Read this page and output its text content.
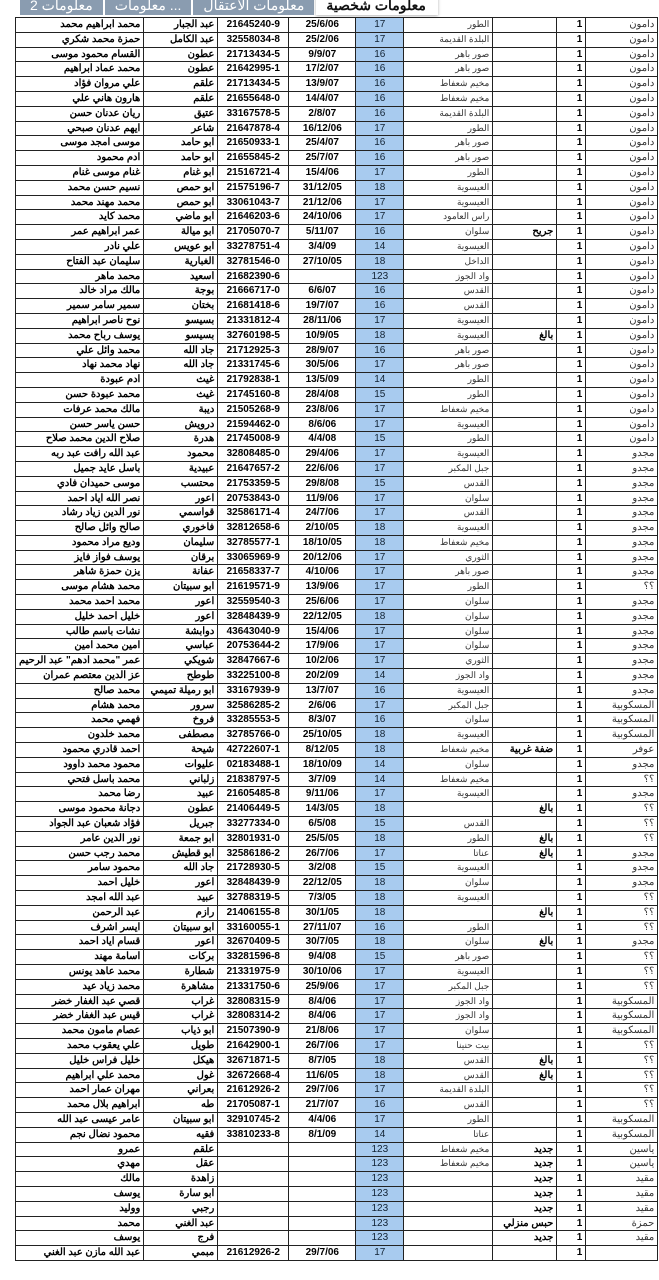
معلومات شخصية
معلومات الاعتقال
... معلومات
معلومات 2
محمد ابراهيم محمد	عبد الجبار	21645240-9	25/6/06	17	الطور		1	دامون
حمزة محمد شكري	عبد الكامل	32558034-8	25/2/06	17	البلدة القديمة		1	دامون
القسام محمود موسى	عطون	21713434-5	9/9/07	16	صور باهر		1	دامون
محمد عماد ابراهيم	عطون	21642995-1	17/2/07	16	صور باهر		1	دامون
علي مروان فؤاد	علقم	21713434-5	13/9/07	16	مخيم شعفاط		1	دامون
هارون هاني علي	علقم	21655648-0	14/4/07	16	مخيم شعفاط		1	دامون
ريان عدنان حسن	عتيق	33167578-5	2/8/07	16	البلدة القديمة		1	دامون
ايهم عدنان صبحي	شاعر	21647878-4	16/12/06	17	الطور		1	دامون
موسى امجد موسى	ابو حامد	21650933-1	25/4/07	16	صور باهر		1	دامون
ادم محمود	ابو حامد	21655845-2	25/7/07	16	صور باهر		1	دامون
غنام موسى غنام	ابو غنام	21516721-4	15/4/06	17	الطور		1	دامون
نسيم حسن محمد	ابو حمص	21575196-7	31/12/05	18	العيسوية		1	دامون
محمد مهند محمد	ابو حمص	33061043-7	21/12/06	17	العيسوية		1	دامون
محمد كايد	ابو ماضي	21646203-6	24/10/06	17	راس العامود		1	دامون
عمر ابراهيم عمر	ابو ميالة	21705070-7	5/11/07	16	سلوان	جريح	1	دامون
علي نادر	ابو عويس	33278751-4	3/4/09	14	العيسوية		1	دامون
سليمان عبد الفتاح	الغبارية	32781546-0	27/10/05	18	الداخل		1	دامون
محمد ماهر	اسعيد	21682390-6		123	واد الجوز		1	دامون
مالك مراد خالد	بوجة	21666717-0	6/6/07	16	القدس		1	دامون
سمير سامر سمير	بختان	21681418-6	19/7/07	16	القدس		1	دامون
نوح ناصر ابراهيم	بسيسو	21331812-4	28/11/06	17	العيسوية		1	دامون
يوسف رباح محمد	بسيسو	32760198-5	10/9/05	18	العيسوية	بالغ	1	دامون
محمد وائل علي	جاد الله	21712925-3	28/9/07	16	صور باهر		1	دامون
نهاد محمد نهاد	جاد الله	21331745-6	30/5/06	17	صور باهر		1	دامون
ادم عبودة	غيث	21792838-1	13/5/09	14	الطور		1	دامون
محمد عبودة حسن	غيث	21745160-8	28/4/08	15	الطور		1	دامون
مالك محمد عرفات	ديبة	21505268-9	23/8/06	17	مخيم شعفاط		1	دامون
حسن ياسر حسن	درويش	21594462-0	8/6/06	17	العيسوية		1	دامون
صلاح الدين محمد صلاح	هدرة	21745008-9	4/4/08	15	الطور		1	دامون
عبد الله رافت عبد ربه	محمود	32808485-0	29/4/06	17	العيسوية		1	مجدو
باسل عايد جميل	عبيدية	21647657-2	22/6/06	17	جبل المكبر		1	مجدو
موسى حميدان فادي	محتسب	21753359-5	29/8/08	15	القدس		1	مجدو
نصر الله اياد احمد	اعور	20753843-0	11/9/06	17	سلوان		1	مجدو
نور الدين زياد رشاد	قواسمي	32586171-4	24/7/06	17	القدس		1	مجدو
صالح وائل صالح	فاخوري	32812658-6	2/10/05	18	العيسوية		1	مجدو
وديع مراد محمود	سليمان	32785577-1	18/10/05	18	مخيم شعفاط		1	مجدو
يوسف فواز فايز	برقان	33065969-9	20/12/06	17	الثوري		1	مجدو
يزن حمزة شاهر	عفانة	21658337-7	4/10/06	17	صور باهر		1	مجدو
محمد هشام موسى	ابو سبيتان	21619571-9	13/9/06	17	الطور		1	؟؟
محمد احمد محمد	اعور	32559540-3	25/6/06	17	سلوان		1	مجدو
خليل احمد خليل	اعور	32848439-9	22/12/05	18	سلوان		1	مجدو
نشات باسم طالب	دوابشة	43643040-9	15/4/06	17	سلوان		1	مجدو
امين محمد امين	عباسي	20753644-2	17/9/06	17	سلوان		1	مجدو
عمر "محمد ادهم" عبد الرحيم	شويكي	32847667-6	10/2/06	17	الثوري		1	مجدو
عز الدين معتصم عمران	طوطح	33225100-8	20/2/09	14	واد الجوز		1	مجدو
محمد صالح	ابو رميلة تميمي	33167939-9	13/7/07	16	العيسوية		1	مجدو
محمد هشام	سرور	32586285-2	2/6/06	17	جبل المكبر		1	المسكوبية
فهمي محمد	فروخ	33285553-5	8/3/07	16	سلوان		1	المسكوبية
محمد خلدون	مصطفى	32785766-0	25/10/05	18	العيسوية		1	المسكوبية
احمد قادري محمود	شيحة	42722607-1	8/12/05	18	مخيم شعفاط	ضفة غربية	1	عوفر
محمود محمد داوود	عليوات	02183488-1	18/10/09	14	سلوان		1	مجدو
محمد باسل فتحي	زلباني	21838797-5	3/7/09	14	مخيم شعفاط		1	؟؟
رضا محمد	عبيد	21605485-8	9/11/06	17	العيسوية		1	مجدو
دجانة محمود موسى	عطون	21406449-5	14/3/05	18		بالغ	1	؟؟
فؤاد شعبان عبد الجواد	جبريل	33277334-0	6/5/08	15	القدس		1	؟؟
نور الدين عامر	ابو جمعة	32801931-0	25/5/05	18	الطور	بالغ	1	؟؟
محمد رجب حسن	ابو قطيش	32586186-2	26/7/06	17	عناتا	بالغ	1	مجدو
محمود سامر	جاد الله	21728930-5	3/2/08	15	العيسوية		1	مجدو
خليل احمد	اعور	32848439-9	22/12/05	18	سلوان		1	مجدو
عبد الله امجد	عبيد	32788319-5	7/3/05	18	العيسوية		1	؟؟
عبد الرحمن	رازم	21406155-8	30/1/05	18		بالغ	1	؟؟
ايسر اشرف	ابو سبيتان	33160055-1	27/11/07	16	الطور		1	؟؟
قسام اياد احمد	اعور	32670409-5	30/7/05	18	سلوان	بالغ	1	مجدو
اسامة مهند	بركات	33281596-8	9/4/08	15	صور باهر		1	؟؟
محمد عاهد يونس	شطارة	21331975-9	30/10/06	17	العيسوية		1	؟؟
محمد زياد عيد	مشاهرة	21331750-6	25/9/06	17	جبل المكبر		1	؟؟
قصي عبد الغفار خضر	غراب	32808315-9	8/4/06	17	واد الجوز		1	المسكوبية
قيس عبد الغفار خضر	غراب	32808314-2	8/4/06	17	واد الجوز		1	المسكوبية
عصام مامون محمد	ابو ذياب	21507390-9	21/8/06	17	سلوان		1	المسكوبية
علي يعقوب محمد	طويل	21642900-1	26/7/06	17	بيت حنينا		1	؟؟
خليل فراس خليل	هيكل	32671871-5	8/7/05	18	القدس	بالغ	1	؟؟
محمد علي ابراهيم	غول	32672668-4	11/6/05	18	القدس	بالغ	1	؟؟
مهران عمار احمد	بعراني	21612926-2	29/7/06	17	البلدة القديمة		1	؟؟
ابراهيم بلال محمد	طه	21705087-1	21/7/07	16	القدس		1	؟؟
عامر عيسى عبد الله	ابو سبيتان	32910745-2	4/4/06	17	الطور		1	المسكوبية
محمود نضال نجم	فقيه	33810233-8	8/1/09	14	عناتا		1	المسكوبية
عمرو	علقم			123	مخيم شعفاط	جديد	1	ياسين
مهدي	عقل			123	مخيم شعفاط	جديد	1	ياسين
مالك	زاهدة			123		جديد	1	مقيد
يوسف	ابو سارة			123		جديد	1	مقيد
ووليد	رجبي			123		جديد	1	مقيد
محمد	عبد الغني			123		حبس منزلي	1	حمزة
يوسف	فرج			123		جديد	1	مقيد
عبد الله مازن عبد الغني	مبمي	21612926-2	29/7/06	17			1	
